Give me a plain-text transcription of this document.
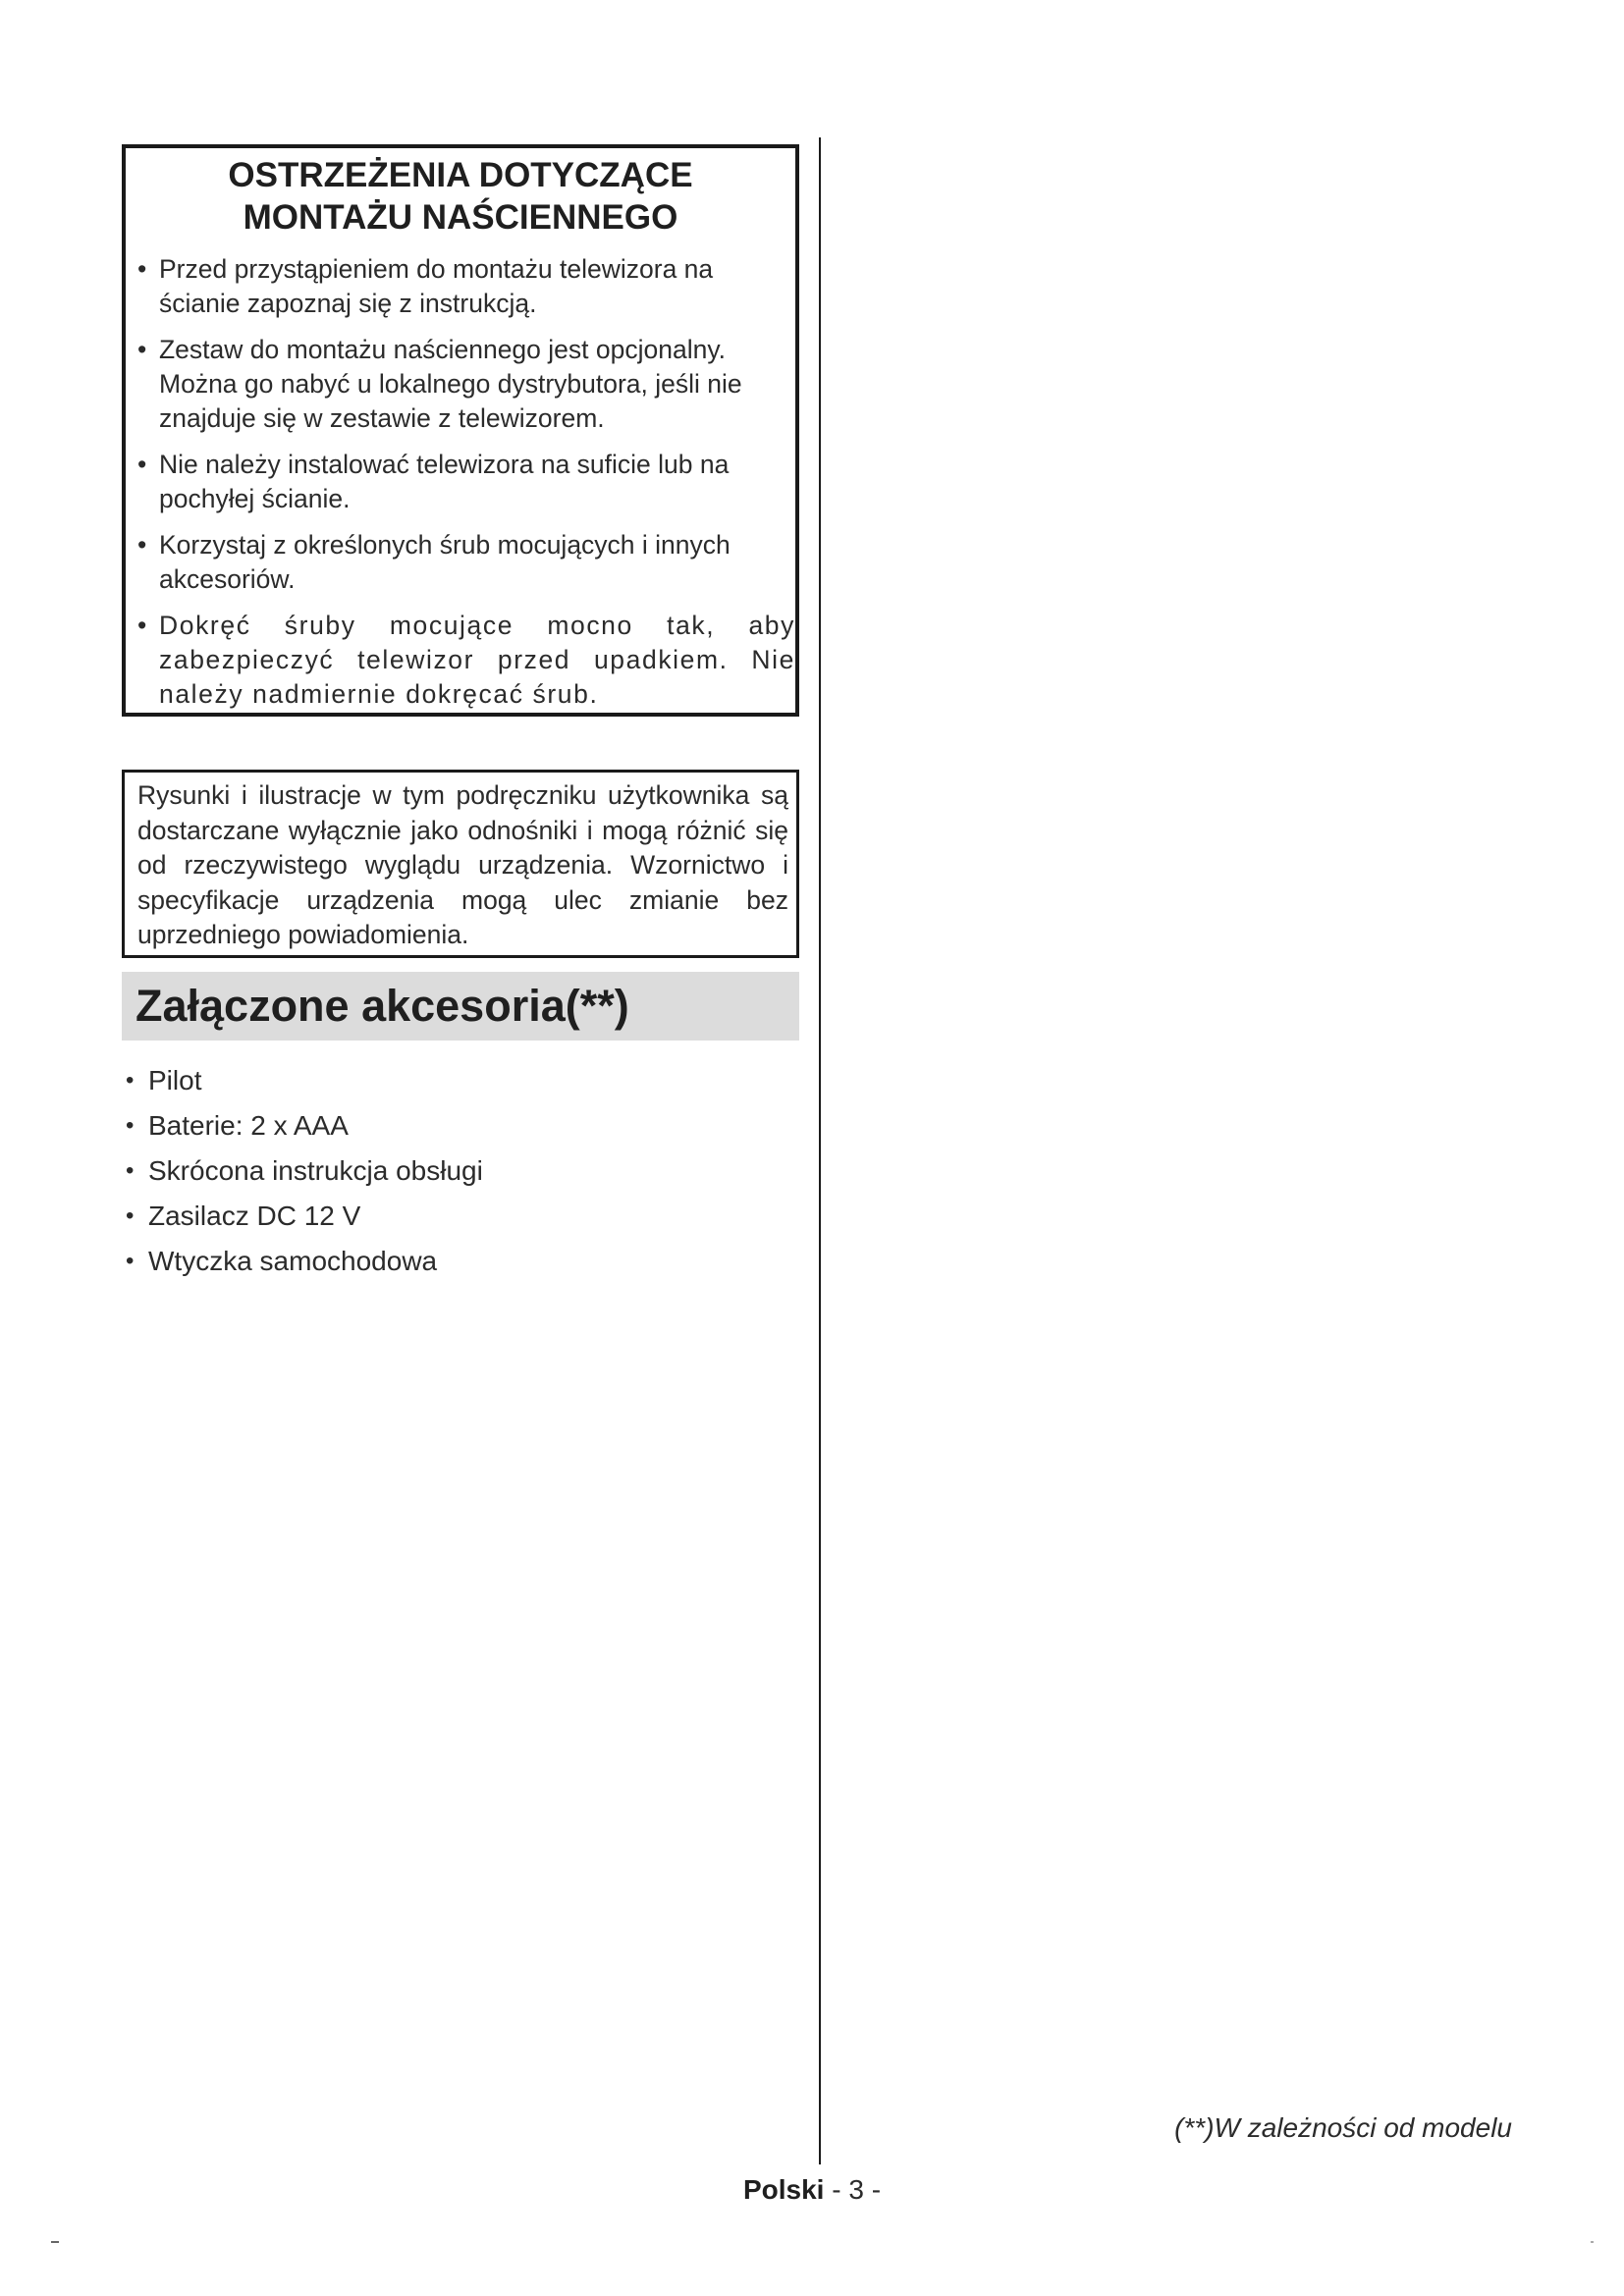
OSTRZEŻENIA DOTYCZĄCE
MONTAŻU NAŚCIENNEGO
• Przed przystąpieniem do montażu telewizora na ścianie zapoznaj się z instrukcją.
• Zestaw do montażu naściennego jest opcjonalny. Można go nabyć u lokalnego dystrybutora, jeśli nie znajduje się w zestawie z telewizorem.
• Nie należy instalować telewizora na suficie lub na pochyłej ścianie.
• Korzystaj z określonych śrub mocujących i innych akcesoriów.
• Dokręć śruby mocujące mocno tak, aby zabezpieczyć telewizor przed upadkiem. Nie należy nadmiernie dokręcać śrub.

Rysunki i ilustracje w tym podręczniku użytkownika są dostarczane wyłącznie jako odnośniki i mogą różnić się od rzeczywistego wyglądu urządzenia. Wzornictwo i specyfikacje urządzenia mogą ulec zmianie bez uprzedniego powiadomienia.

Załączone akcesoria(**)
• Pilot
• Baterie: 2 x AAA
• Skrócona instrukcja obsługi
• Zasilacz DC 12 V
• Wtyczka samochodowa

(**)W zależności od modelu

Polski - 3 -
